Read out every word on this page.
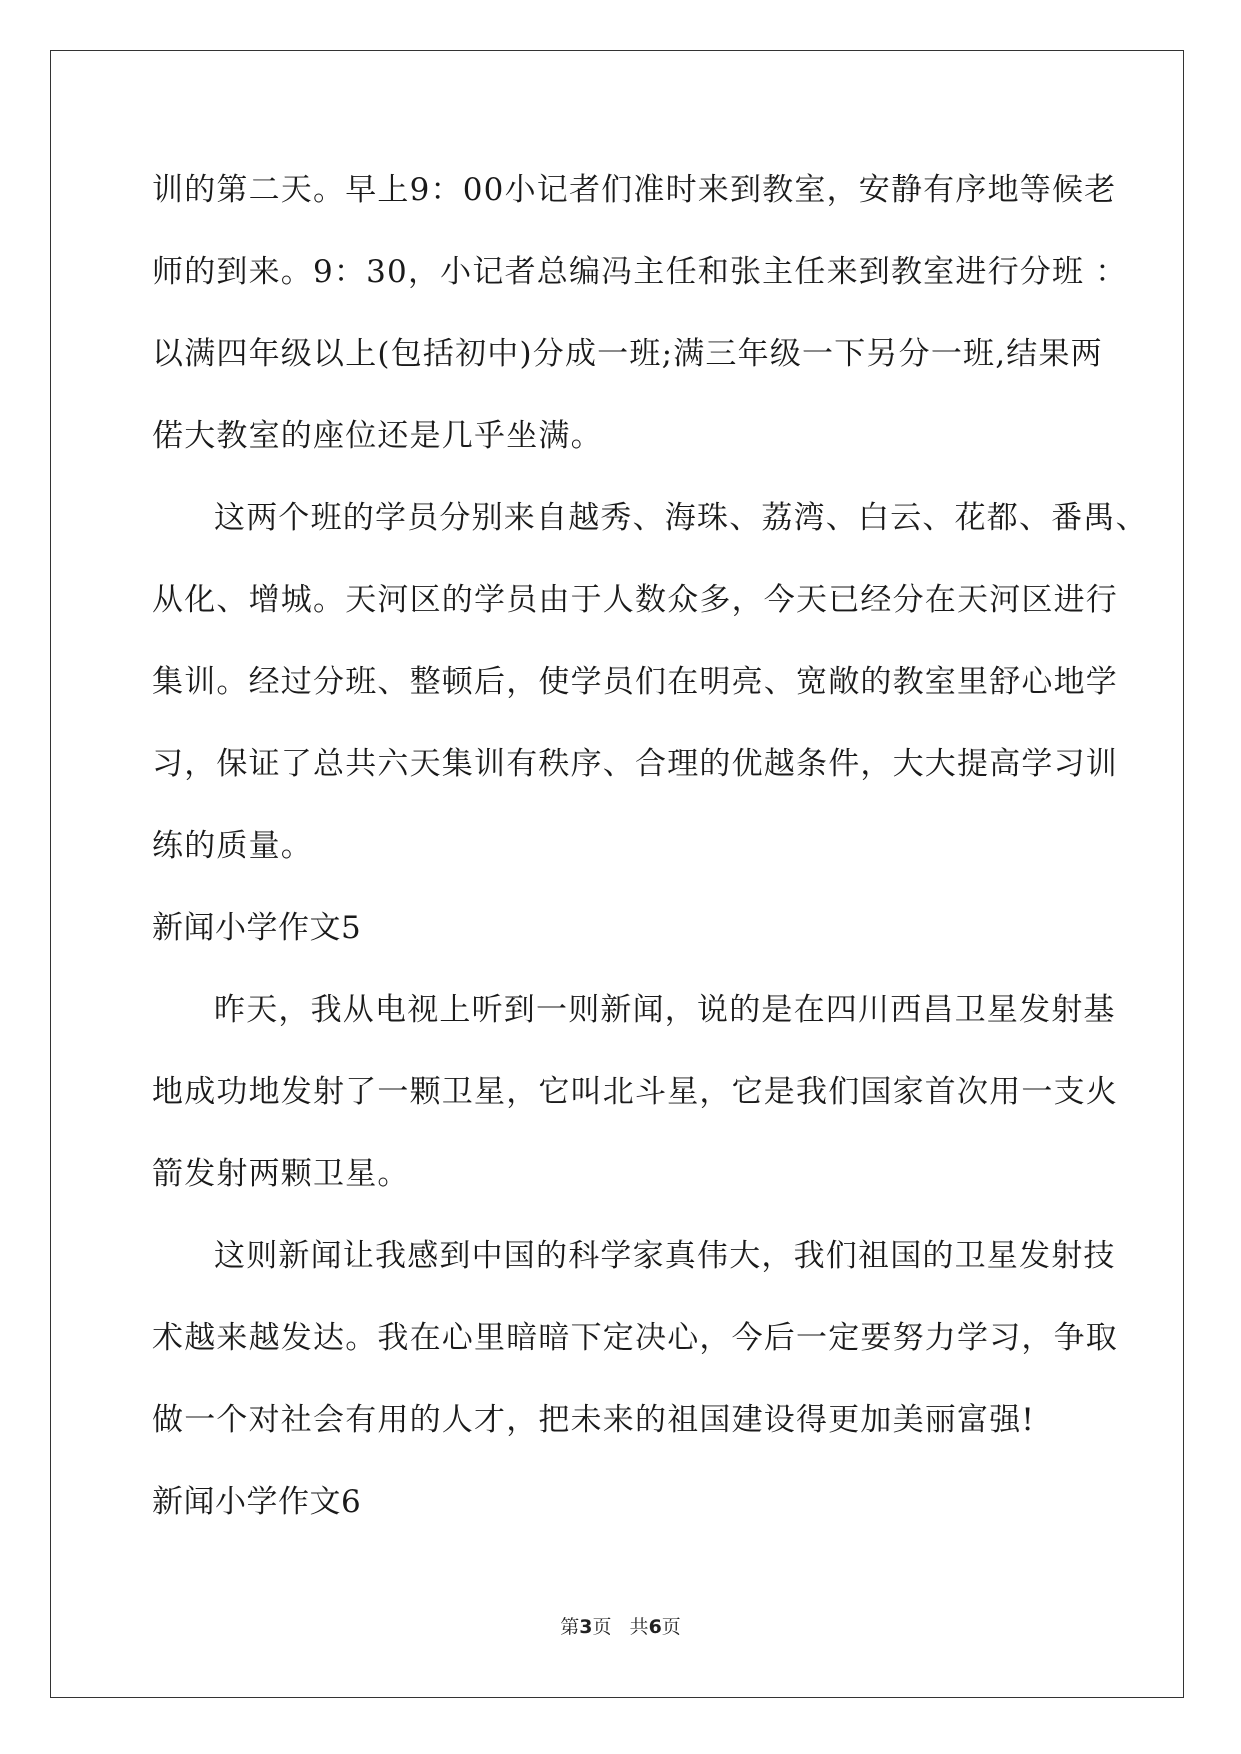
训的第二天。早上9：00小记者们准时来到教室，安静有序地等候老
师的到来。9：30，小记者总编冯主任和张主任来到教室进行分班 ：
以满四年级以上(包括初中)分成一班;满三年级一下另分一班,结果两
偌大教室的座位还是几乎坐满。
这两个班的学员分别来自越秀、海珠、荔湾、白云、花都、番禺、
从化、增城。天河区的学员由于人数众多，今天已经分在天河区进行
集训。经过分班、整顿后，使学员们在明亮、宽敞的教室里舒心地学
习，保证了总共六天集训有秩序、合理的优越条件，大大提高学习训
练的质量。
新闻小学作文5
昨天，我从电视上听到一则新闻，说的是在四川西昌卫星发射基
地成功地发射了一颗卫星，它叫北斗星，它是我们国家首次用一支火
箭发射两颗卫星。
这则新闻让我感到中国的科学家真伟大，我们祖国的卫星发射技
术越来越发达。我在心里暗暗下定决心，今后一定要努力学习，争取
做一个对社会有用的人才，把未来的祖国建设得更加美丽富强!
新闻小学作文6
第3页   共6页
